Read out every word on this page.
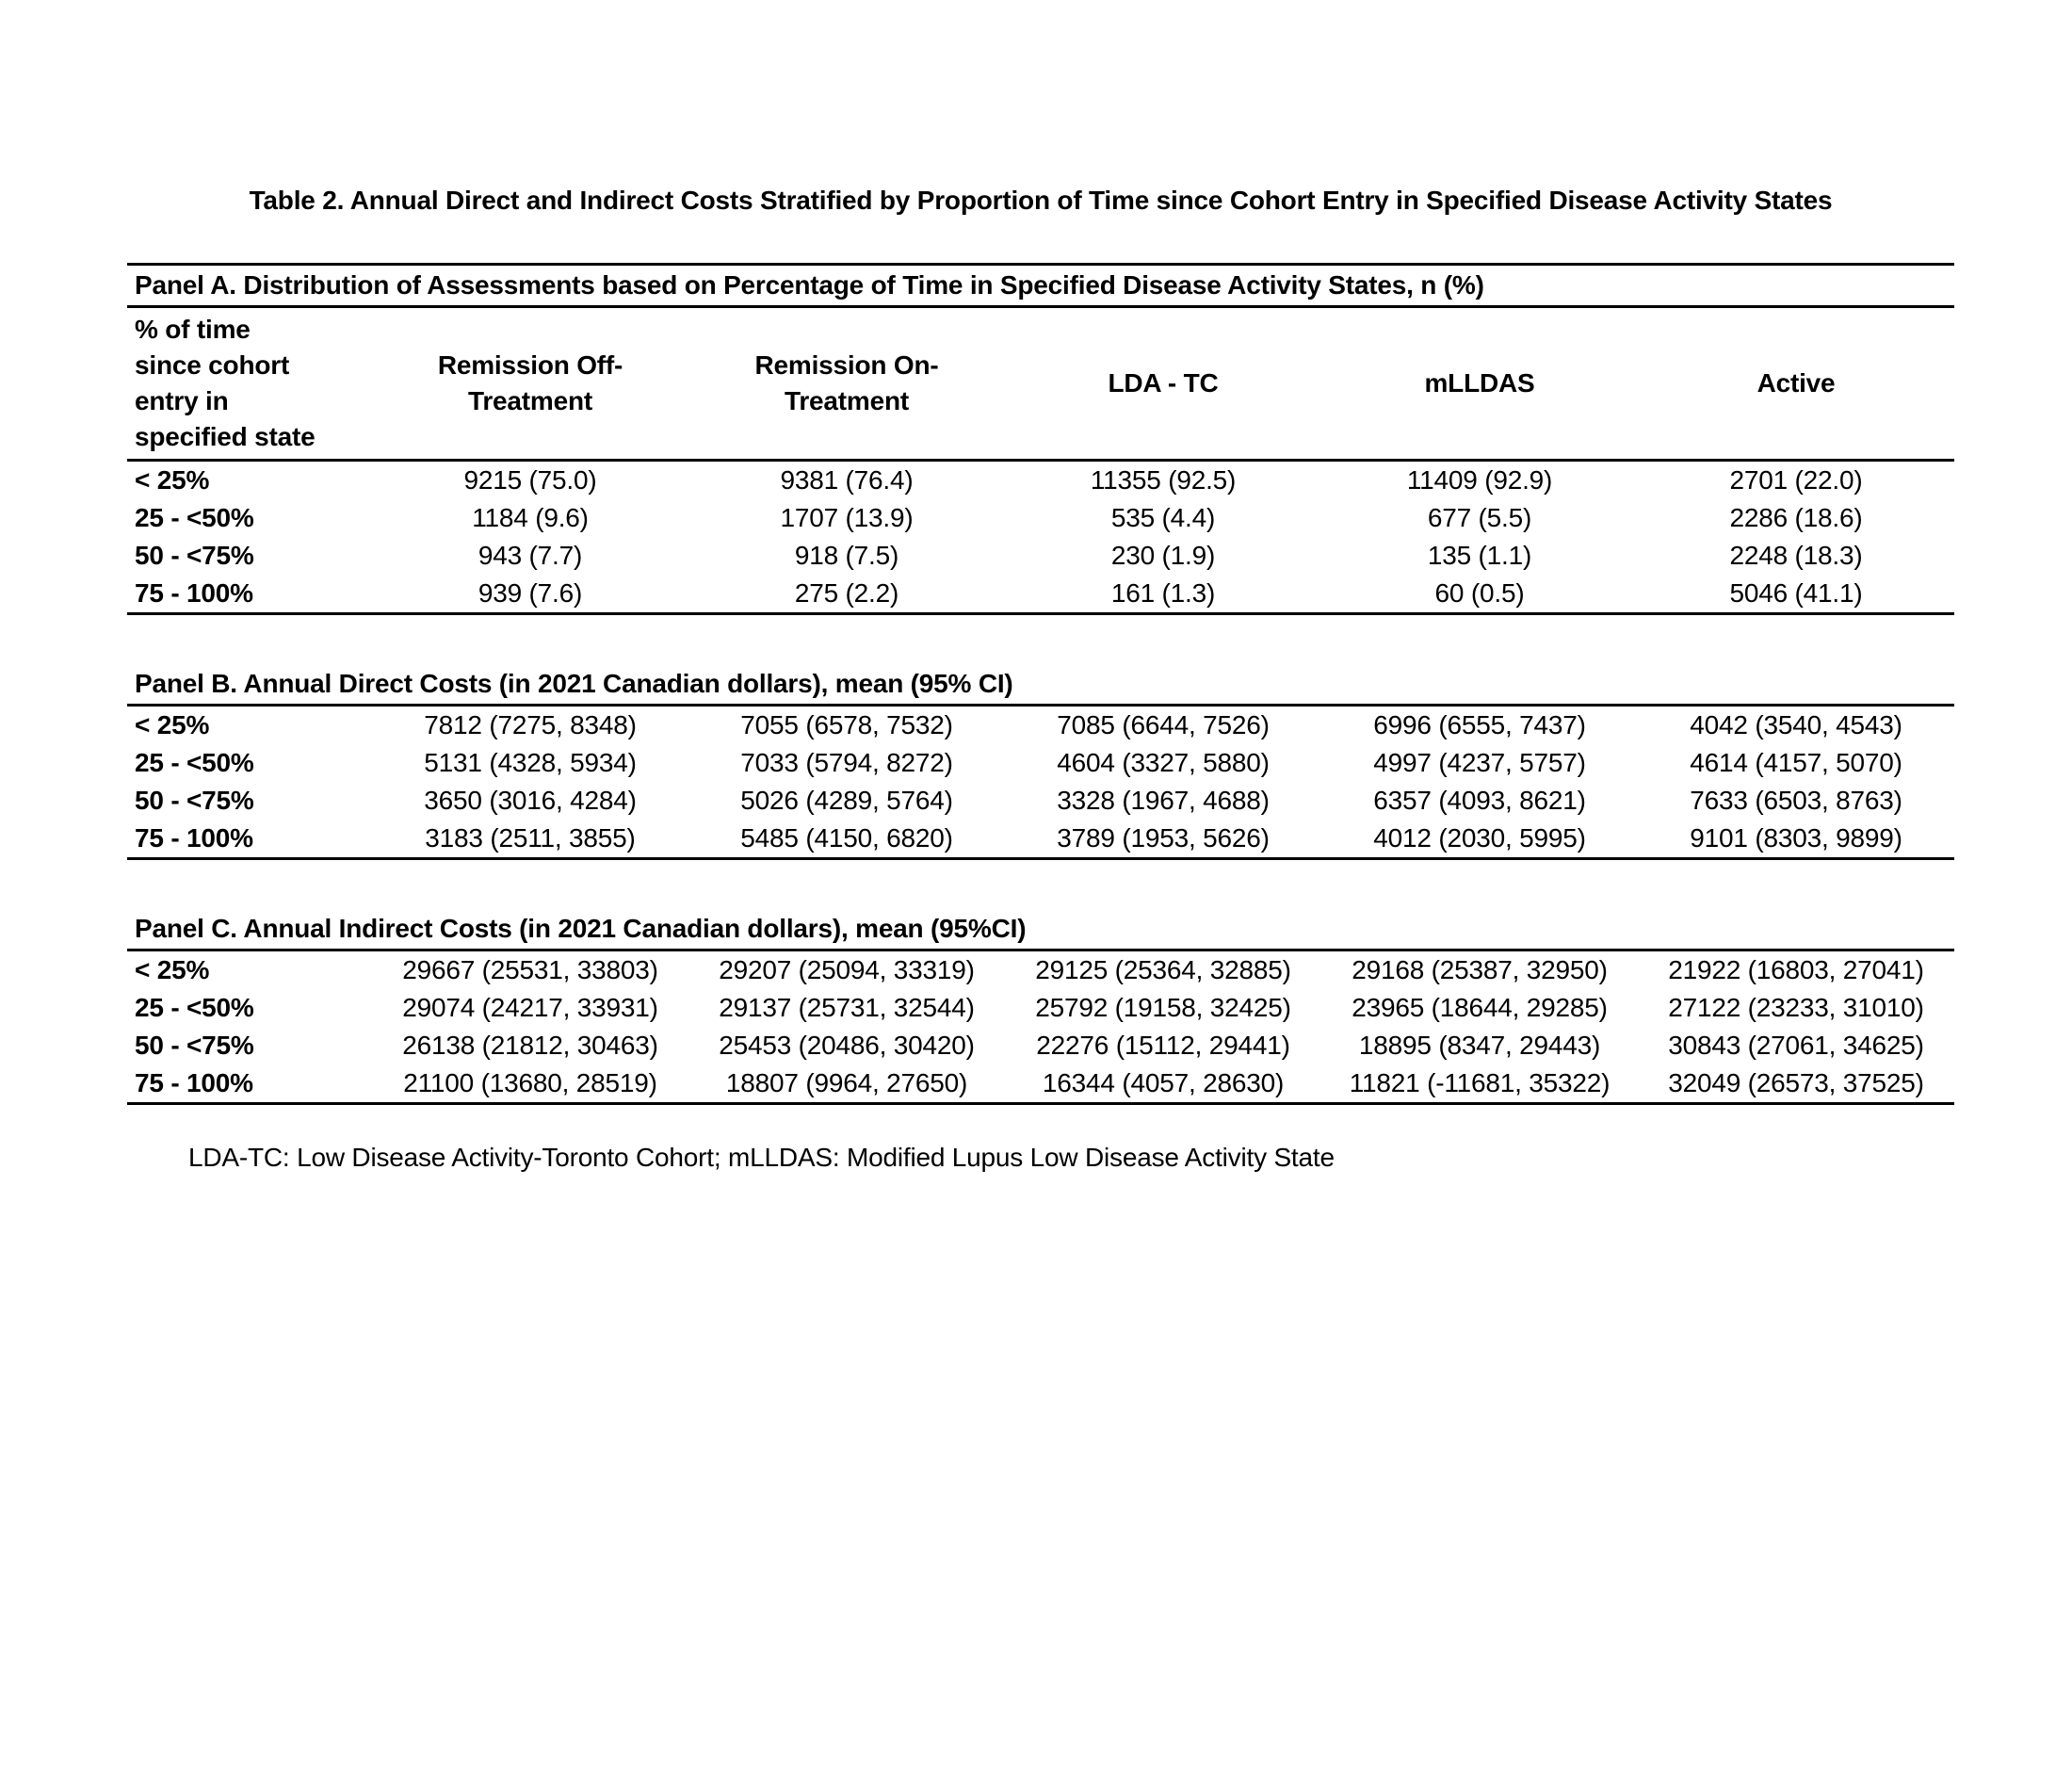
Table 2. Annual Direct and Indirect Costs Stratified by Proportion of Time since Cohort Entry in Specified Disease Activity States
Panel A. Distribution of Assessments based on Percentage of Time in Specified Disease Activity States, n (%)
% of time
since cohort
entry in
specified state
Remission Off-
Treatment
Remission On-
Treatment
LDA - TC	mLLDAS	Active
< 25%	9215 (75.0)	9381 (76.4)	11355 (92.5)	11409 (92.9)	2701 (22.0)
25 - <50%	1184 (9.6)	1707 (13.9)	535 (4.4)	677 (5.5)	2286 (18.6)
50 - <75%	943 (7.7)	918 (7.5)	230 (1.9)	135 (1.1)	2248 (18.3)
75 - 100%	939 (7.6)	275 (2.2)	161 (1.3)	60 (0.5)	5046 (41.1)
Panel B. Annual Direct Costs (in 2021 Canadian dollars), mean (95% CI)
< 25%	7812 (7275, 8348)	7055 (6578, 7532)	7085 (6644, 7526)	6996 (6555, 7437)	4042 (3540, 4543)
25 - <50%	5131 (4328, 5934)	7033 (5794, 8272)	4604 (3327, 5880)	4997 (4237, 5757)	4614 (4157, 5070)
50 - <75%	3650 (3016, 4284)	5026 (4289, 5764)	3328 (1967, 4688)	6357 (4093, 8621)	7633 (6503, 8763)
75 - 100%	3183 (2511, 3855)	5485 (4150, 6820)	3789 (1953, 5626)	4012 (2030, 5995)	9101 (8303, 9899)
Panel C. Annual Indirect Costs (in 2021 Canadian dollars), mean (95%CI)
< 25%	29667 (25531, 33803)	29207 (25094, 33319)	29125 (25364, 32885)	29168 (25387, 32950)	21922 (16803, 27041)
25 - <50%	29074 (24217, 33931)	29137 (25731, 32544)	25792 (19158, 32425)	23965 (18644, 29285)	27122 (23233, 31010)
50 - <75%	26138 (21812, 30463)	25453 (20486, 30420)	22276 (15112, 29441)	18895 (8347, 29443)	30843 (27061, 34625)
75 - 100%	21100 (13680, 28519)	18807 (9964, 27650)	16344 (4057, 28630)	11821 (-11681, 35322)	32049 (26573, 37525)
LDA-TC: Low Disease Activity-Toronto Cohort; mLLDAS: Modified Lupus Low Disease Activity State
